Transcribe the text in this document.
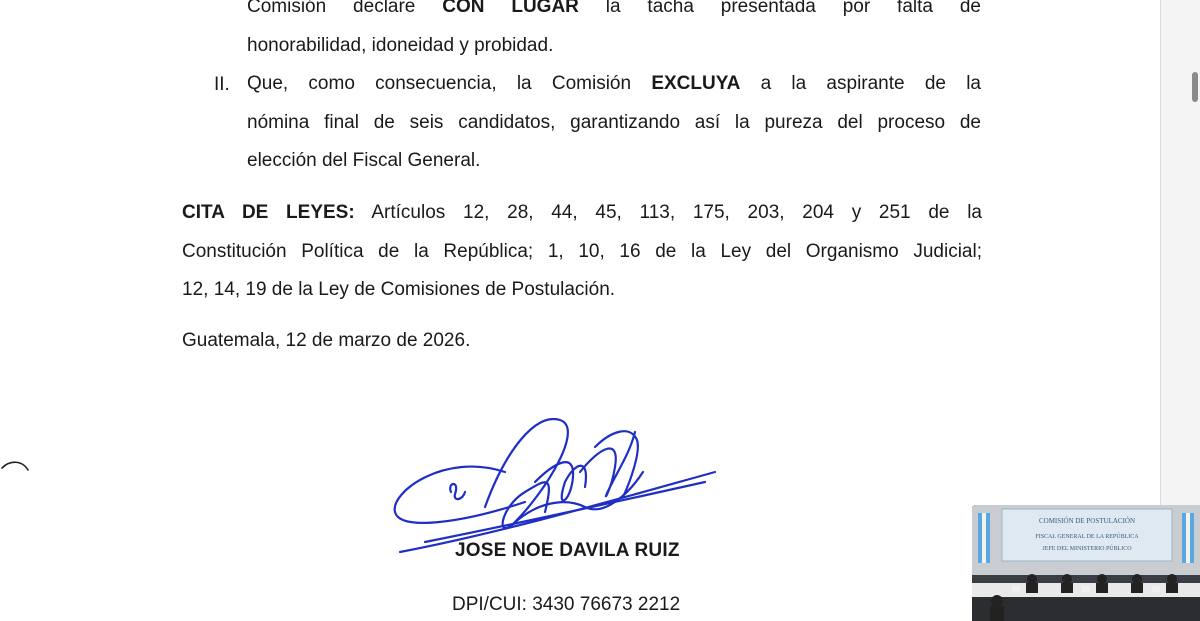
Comisión declare CON LUGAR la tacha presentada por falta de
honorabilidad, idoneidad y probidad.
II. Que, como consecuencia, la Comisión EXCLUYA a la aspirante de la
nómina final de seis candidatos, garantizando así la pureza del proceso de
elección del Fiscal General.
CITA DE LEYES: Artículos 12, 28, 44, 45, 113, 175, 203, 204 y 251 de la
Constitución Política de la República; 1, 10, 16 de la Ley del Organismo Judicial;
12, 14, 19 de la Ley de Comisiones de Postulación.
Guatemala, 12 de marzo de 2026.
JOSE NOE DAVILA RUIZ
DPI/CUI: 3430 76673 2212
COMISIÓN DE POSTULACIÓN
FISCAL GENERAL DE LA REPÚBLICA
JEFE DEL MINISTERIO PÚBLICO
